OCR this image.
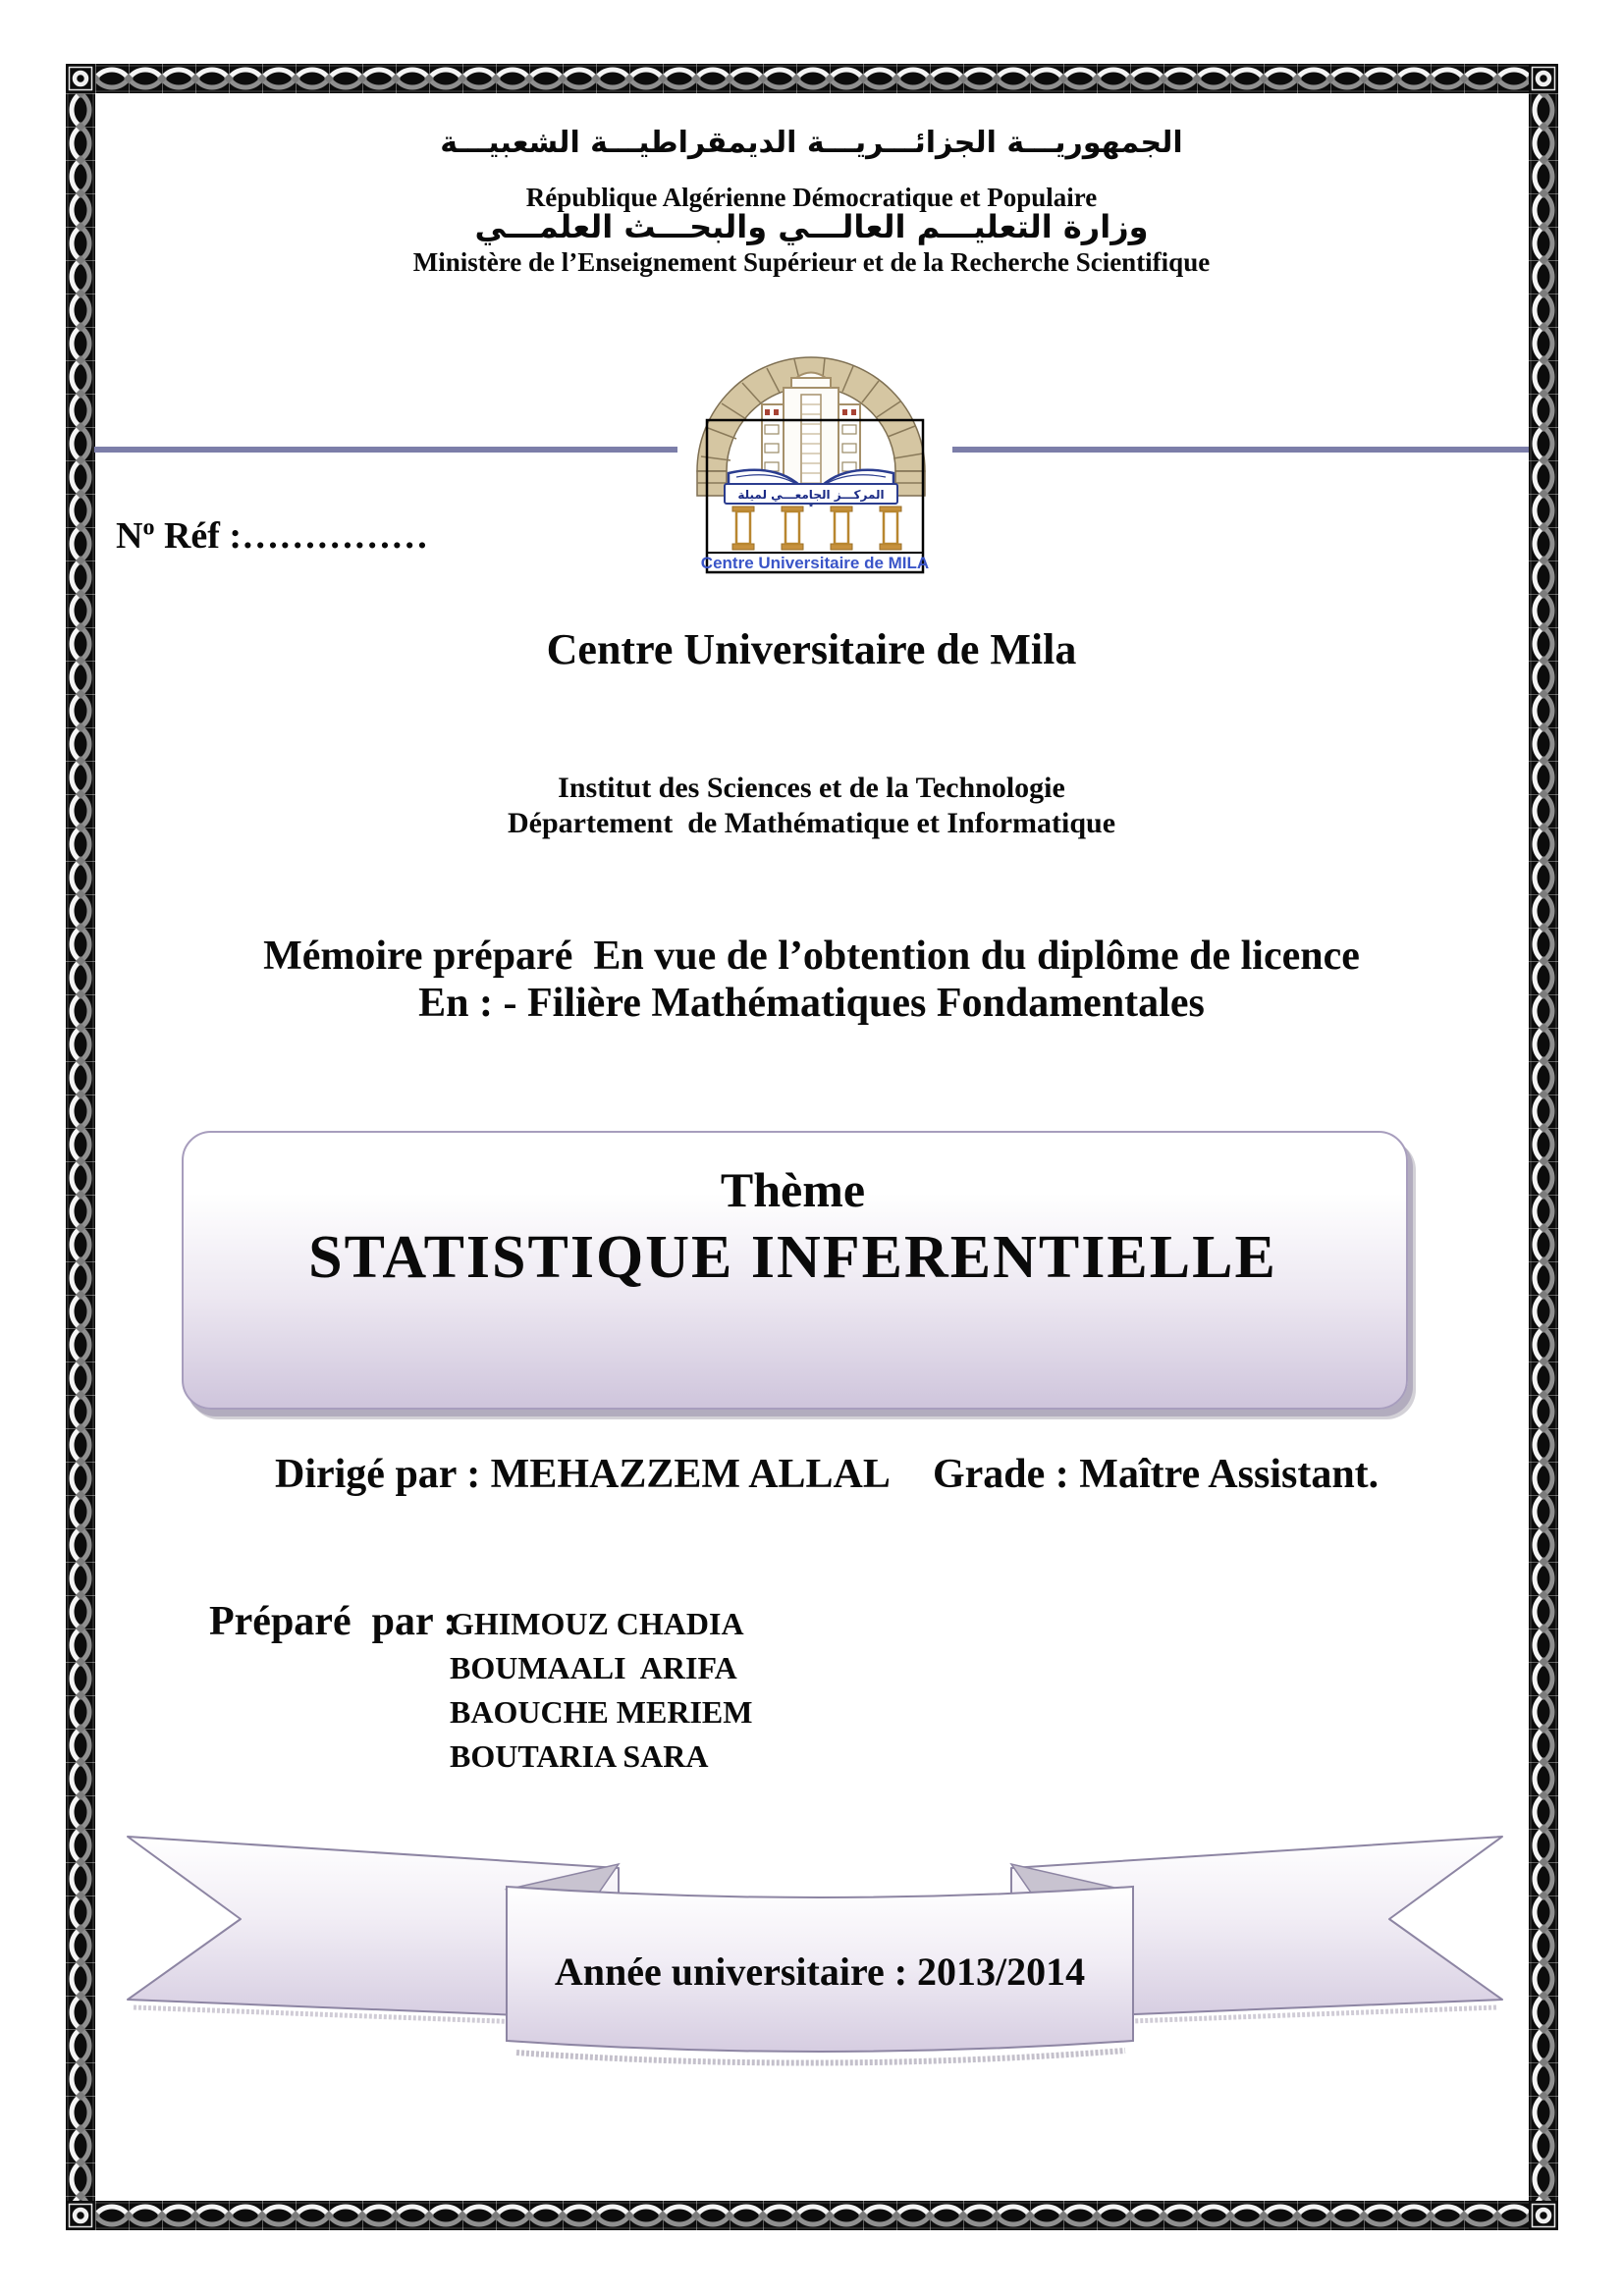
الجمهوريـــة الجزائـــريـــة الديمقراطيـــة الشعبيـــة
République Algérienne Démocratique et Populaire
وزارة التعليـــم العالـــي والبحـــث العلمـــي
Ministère de l’Enseignement Supérieur et de la Recherche Scientifique
المركـــز الجامعـــي لميلة
Centre Universitaire de MILA
$N^o$ Réf :……………
Centre Universitaire de Mila
Institut des Sciences et de la Technologie
Département  de Mathématique et Informatique
Mémoire préparé  En vue de l’obtention du diplôme de licence
En : - Filière Mathématiques Fondamentales
Thème
STATISTIQUE INFERENTIELLE
Dirigé par : MEHAZZEM ALLAL Grade : Maître Assistant.
Préparé  par :
GHIMOUZ CHADIA
BOUMAALI  ARIFA
BAOUCHE MERIEM
BOUTARIA SARA
Année universitaire : 2013/2014
